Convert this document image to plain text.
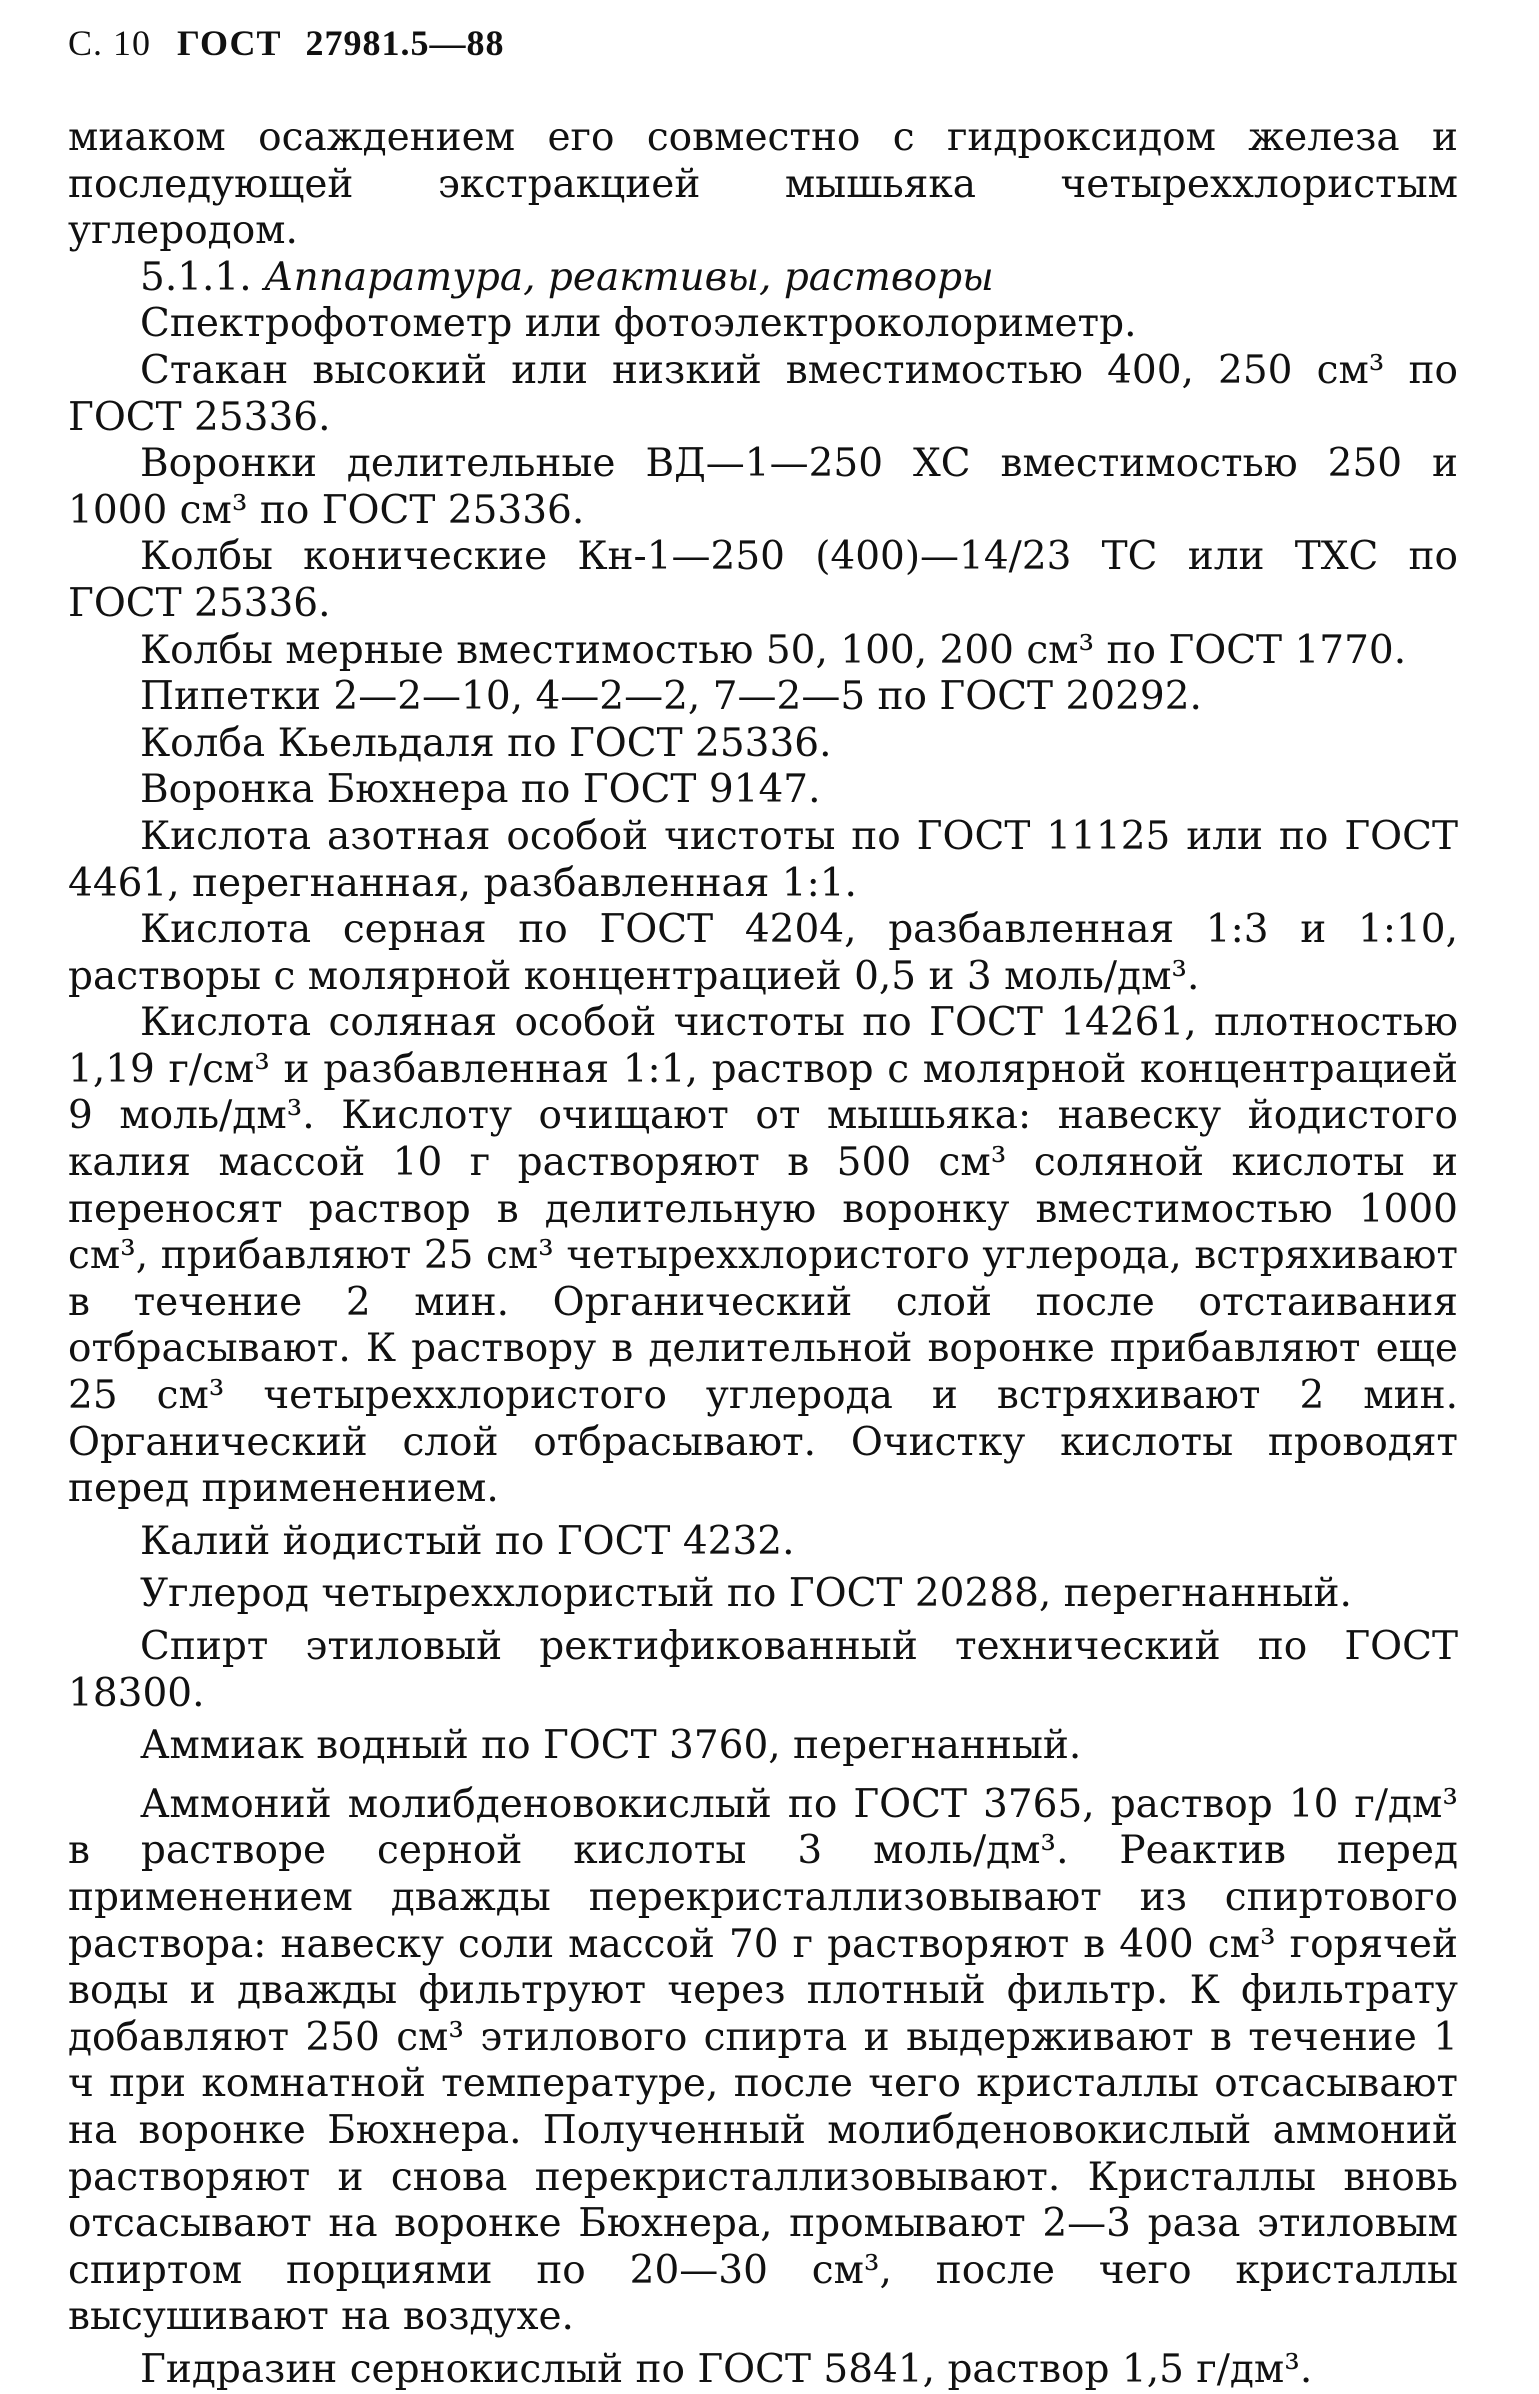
С. 10 ГОСТ 27981.5—88

миаком осаждением его совместно с гидроксидом железа и последующей экстракцией мышьяка четыреххлористым углеродом.

5.1.1. Аппаратура, реактивы, растворы

Спектрофотометр или фотоэлектроколориметр.

Стакан высокий или низкий вместимостью 400, 250 см³ по ГОСТ 25336.

Воронки делительные ВД—1—250 ХС вместимостью 250 и 1000 см³ по ГОСТ 25336.

Колбы конические Кн-1—250 (400)—14/23 ТС или ТХС по ГОСТ 25336.

Колбы мерные вместимостью 50, 100, 200 см³ по ГОСТ 1770.

Пипетки 2—2—10, 4—2—2, 7—2—5 по ГОСТ 20292.

Колба Кьельдаля по ГОСТ 25336.

Воронка Бюхнера по ГОСТ 9147.

Кислота азотная особой чистоты по ГОСТ 11125 или по ГОСТ 4461, перегнанная, разбавленная 1:1.

Кислота серная по ГОСТ 4204, разбавленная 1:3 и 1:10, растворы с молярной концентрацией 0,5 и 3 моль/дм³.

Кислота соляная особой чистоты по ГОСТ 14261, плотностью 1,19 г/см³ и разбавленная 1:1, раствор с молярной концентрацией 9 моль/дм³. Кислоту очищают от мышьяка: навеску йодистого калия массой 10 г растворяют в 500 см³ соляной кислоты и переносят раствор в делительную воронку вместимостью 1000 см³, прибавляют 25 см³ четыреххлористого углерода, встряхивают в течение 2 мин. Органический слой после отстаивания отбрасывают. К раствору в делительной воронке прибавляют еще 25 см³ четыреххлористого углерода и встряхивают 2 мин. Органический слой отбрасывают. Очистку кислоты проводят перед применением.

Калий йодистый по ГОСТ 4232.

Углерод четыреххлористый по ГОСТ 20288, перегнанный.

Спирт этиловый ректификованный технический по ГОСТ 18300.

Аммиак водный по ГОСТ 3760, перегнанный.

Аммоний молибденовокислый по ГОСТ 3765, раствор 10 г/дм³ в растворе серной кислоты 3 моль/дм³. Реактив перед применением дважды перекристаллизовывают из спиртового раствора: навеску соли массой 70 г растворяют в 400 см³ горячей воды и дважды фильтруют через плотный фильтр. К фильтрату добавляют 250 см³ этилового спирта и выдерживают в течение 1 ч при комнатной температуре, после чего кристаллы отсасывают на воронке Бюхнера. Полученный молибденовокислый аммоний растворяют и снова перекристаллизовывают. Кристаллы вновь отсасывают на воронке Бюхнера, промывают 2—3 раза этиловым спиртом порциями по 20—30 см³, после чего кристаллы высушивают на воздухе.

Гидразин сернокислый по ГОСТ 5841, раствор 1,5 г/дм³.
